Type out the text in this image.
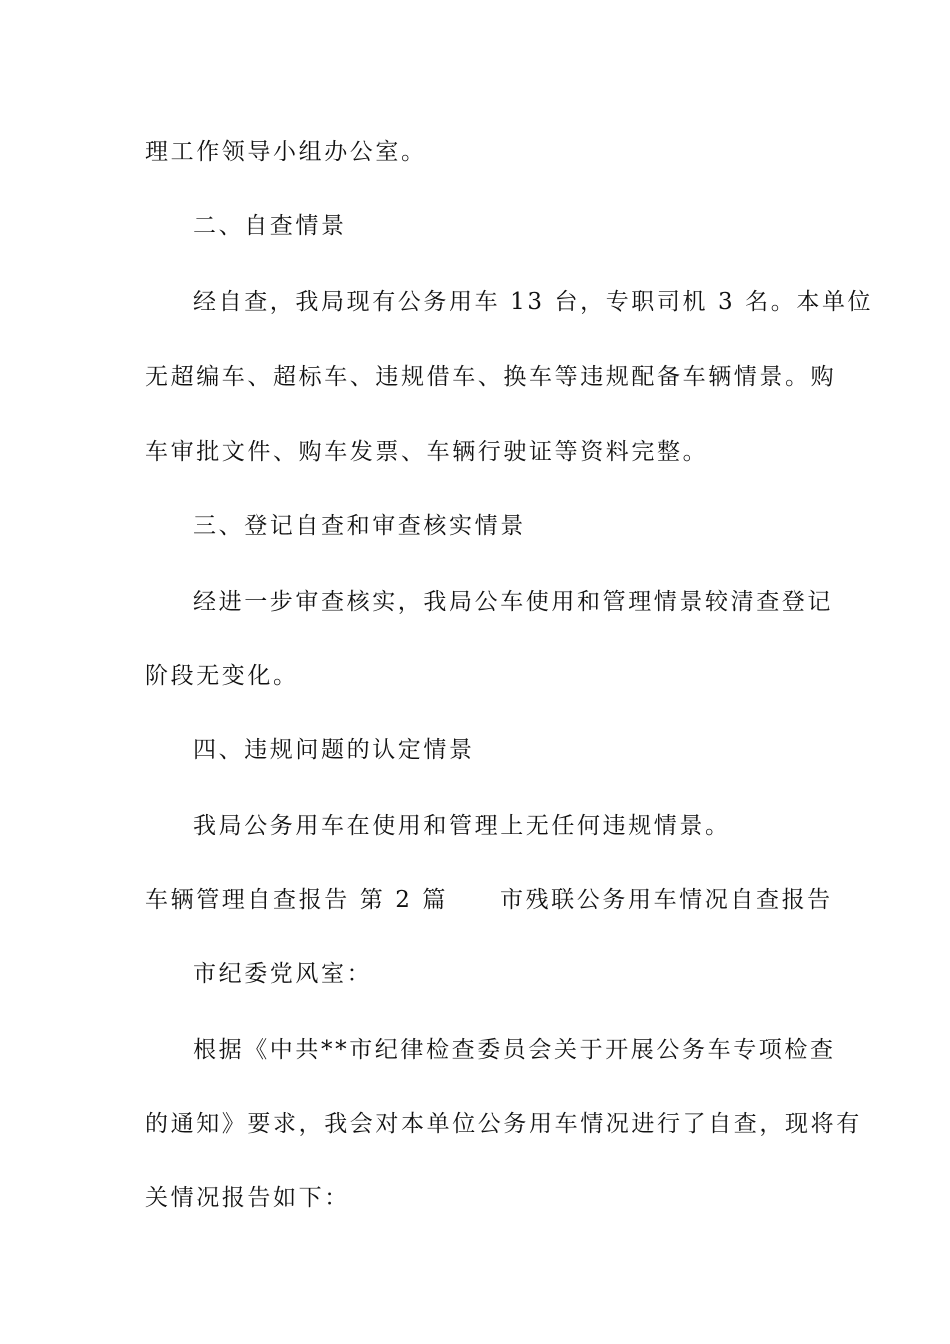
理工作领导小组办公室。
二、自查情景
经自查，我局现有公务用车 13 台，专职司机 3 名。本单位
无超编车、超标车、违规借车、换车等违规配备车辆情景。购
车审批文件、购车发票、车辆行驶证等资料完整。
三、登记自查和审查核实情景
经进一步审查核实，我局公车使用和管理情景较清查登记
阶段无变化。
四、违规问题的认定情景
我局公务用车在使用和管理上无任何违规情景。
车辆管理自查报告 第 2 篇 市残联公务用车情况自查报告
市纪委党风室：
根据《中共**市纪律检查委员会关于开展公务车专项检查
的通知》要求，我会对本单位公务用车情况进行了自查，现将有
关情况报告如下：
